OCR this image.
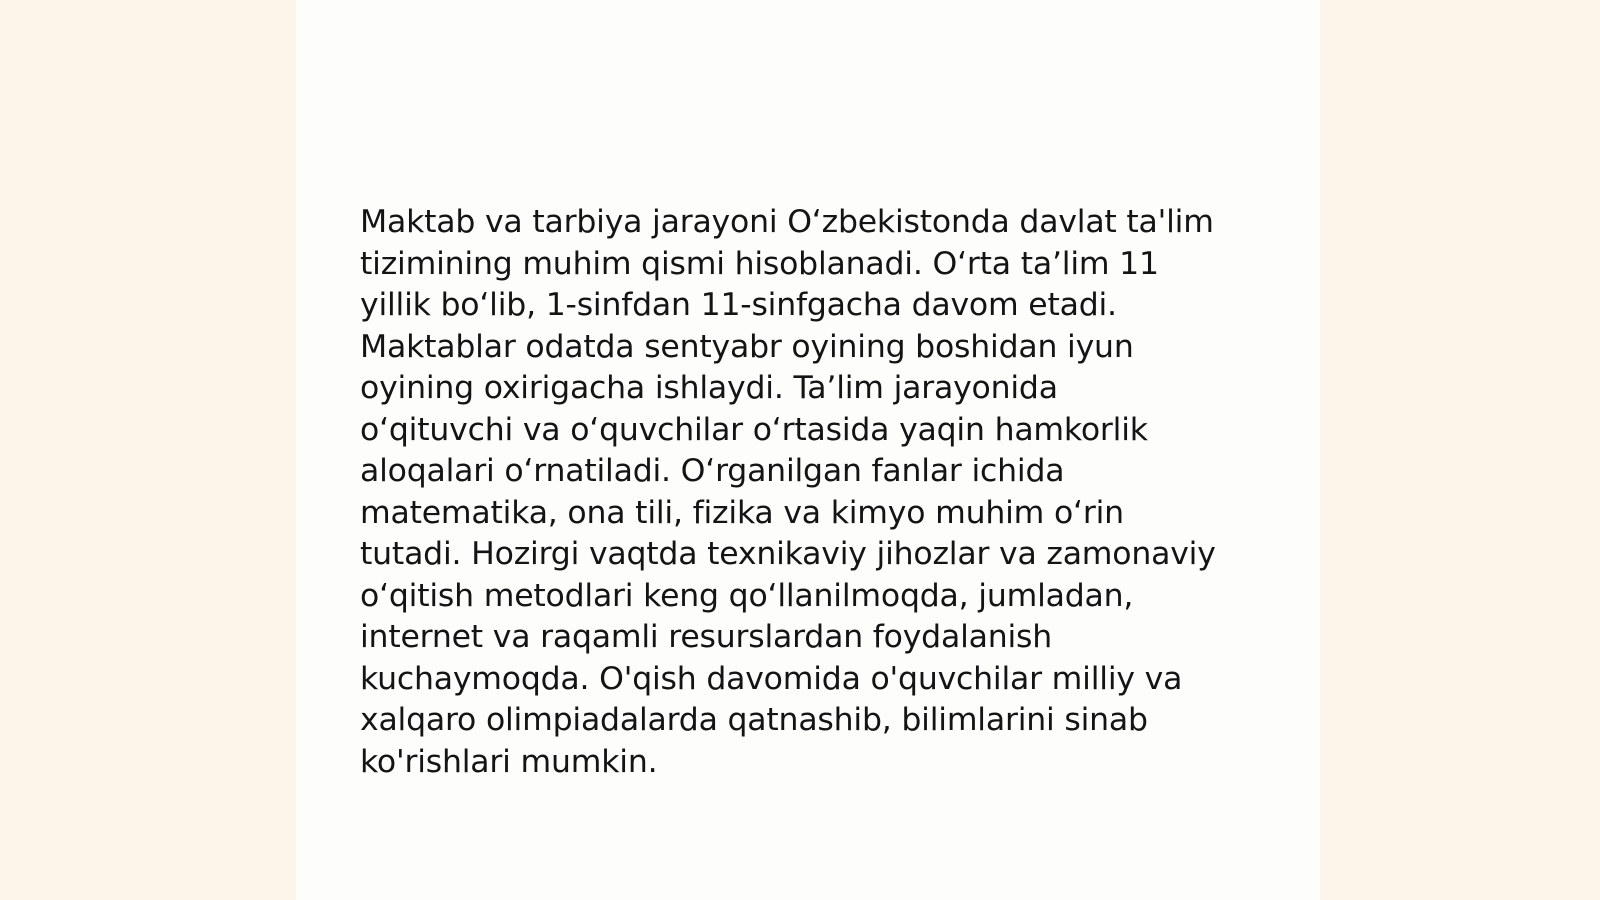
Maktab va tarbiya jarayoni O‘zbekistonda davlat ta'lim
tizimining muhim qismi hisoblanadi. O‘rta ta’lim 11
yillik bo‘lib, 1-sinfdan 11-sinfgacha davom etadi.
Maktablar odatda sentyabr oyining boshidan iyun
oyining oxirigacha ishlaydi. Ta’lim jarayonida
o‘qituvchi va o‘quvchilar o‘rtasida yaqin hamkorlik
aloqalari o‘rnatiladi. O‘rganilgan fanlar ichida
matematika, ona tili, fizika va kimyo muhim o‘rin
tutadi. Hozirgi vaqtda texnikaviy jihozlar va zamonaviy
o‘qitish metodlari keng qo‘llanilmoqda, jumladan,
internet va raqamli resurslardan foydalanish
kuchaymoqda. O'qish davomida o'quvchilar milliy va
xalqaro olimpiadalarda qatnashib, bilimlarini sinab
ko'rishlari mumkin.
